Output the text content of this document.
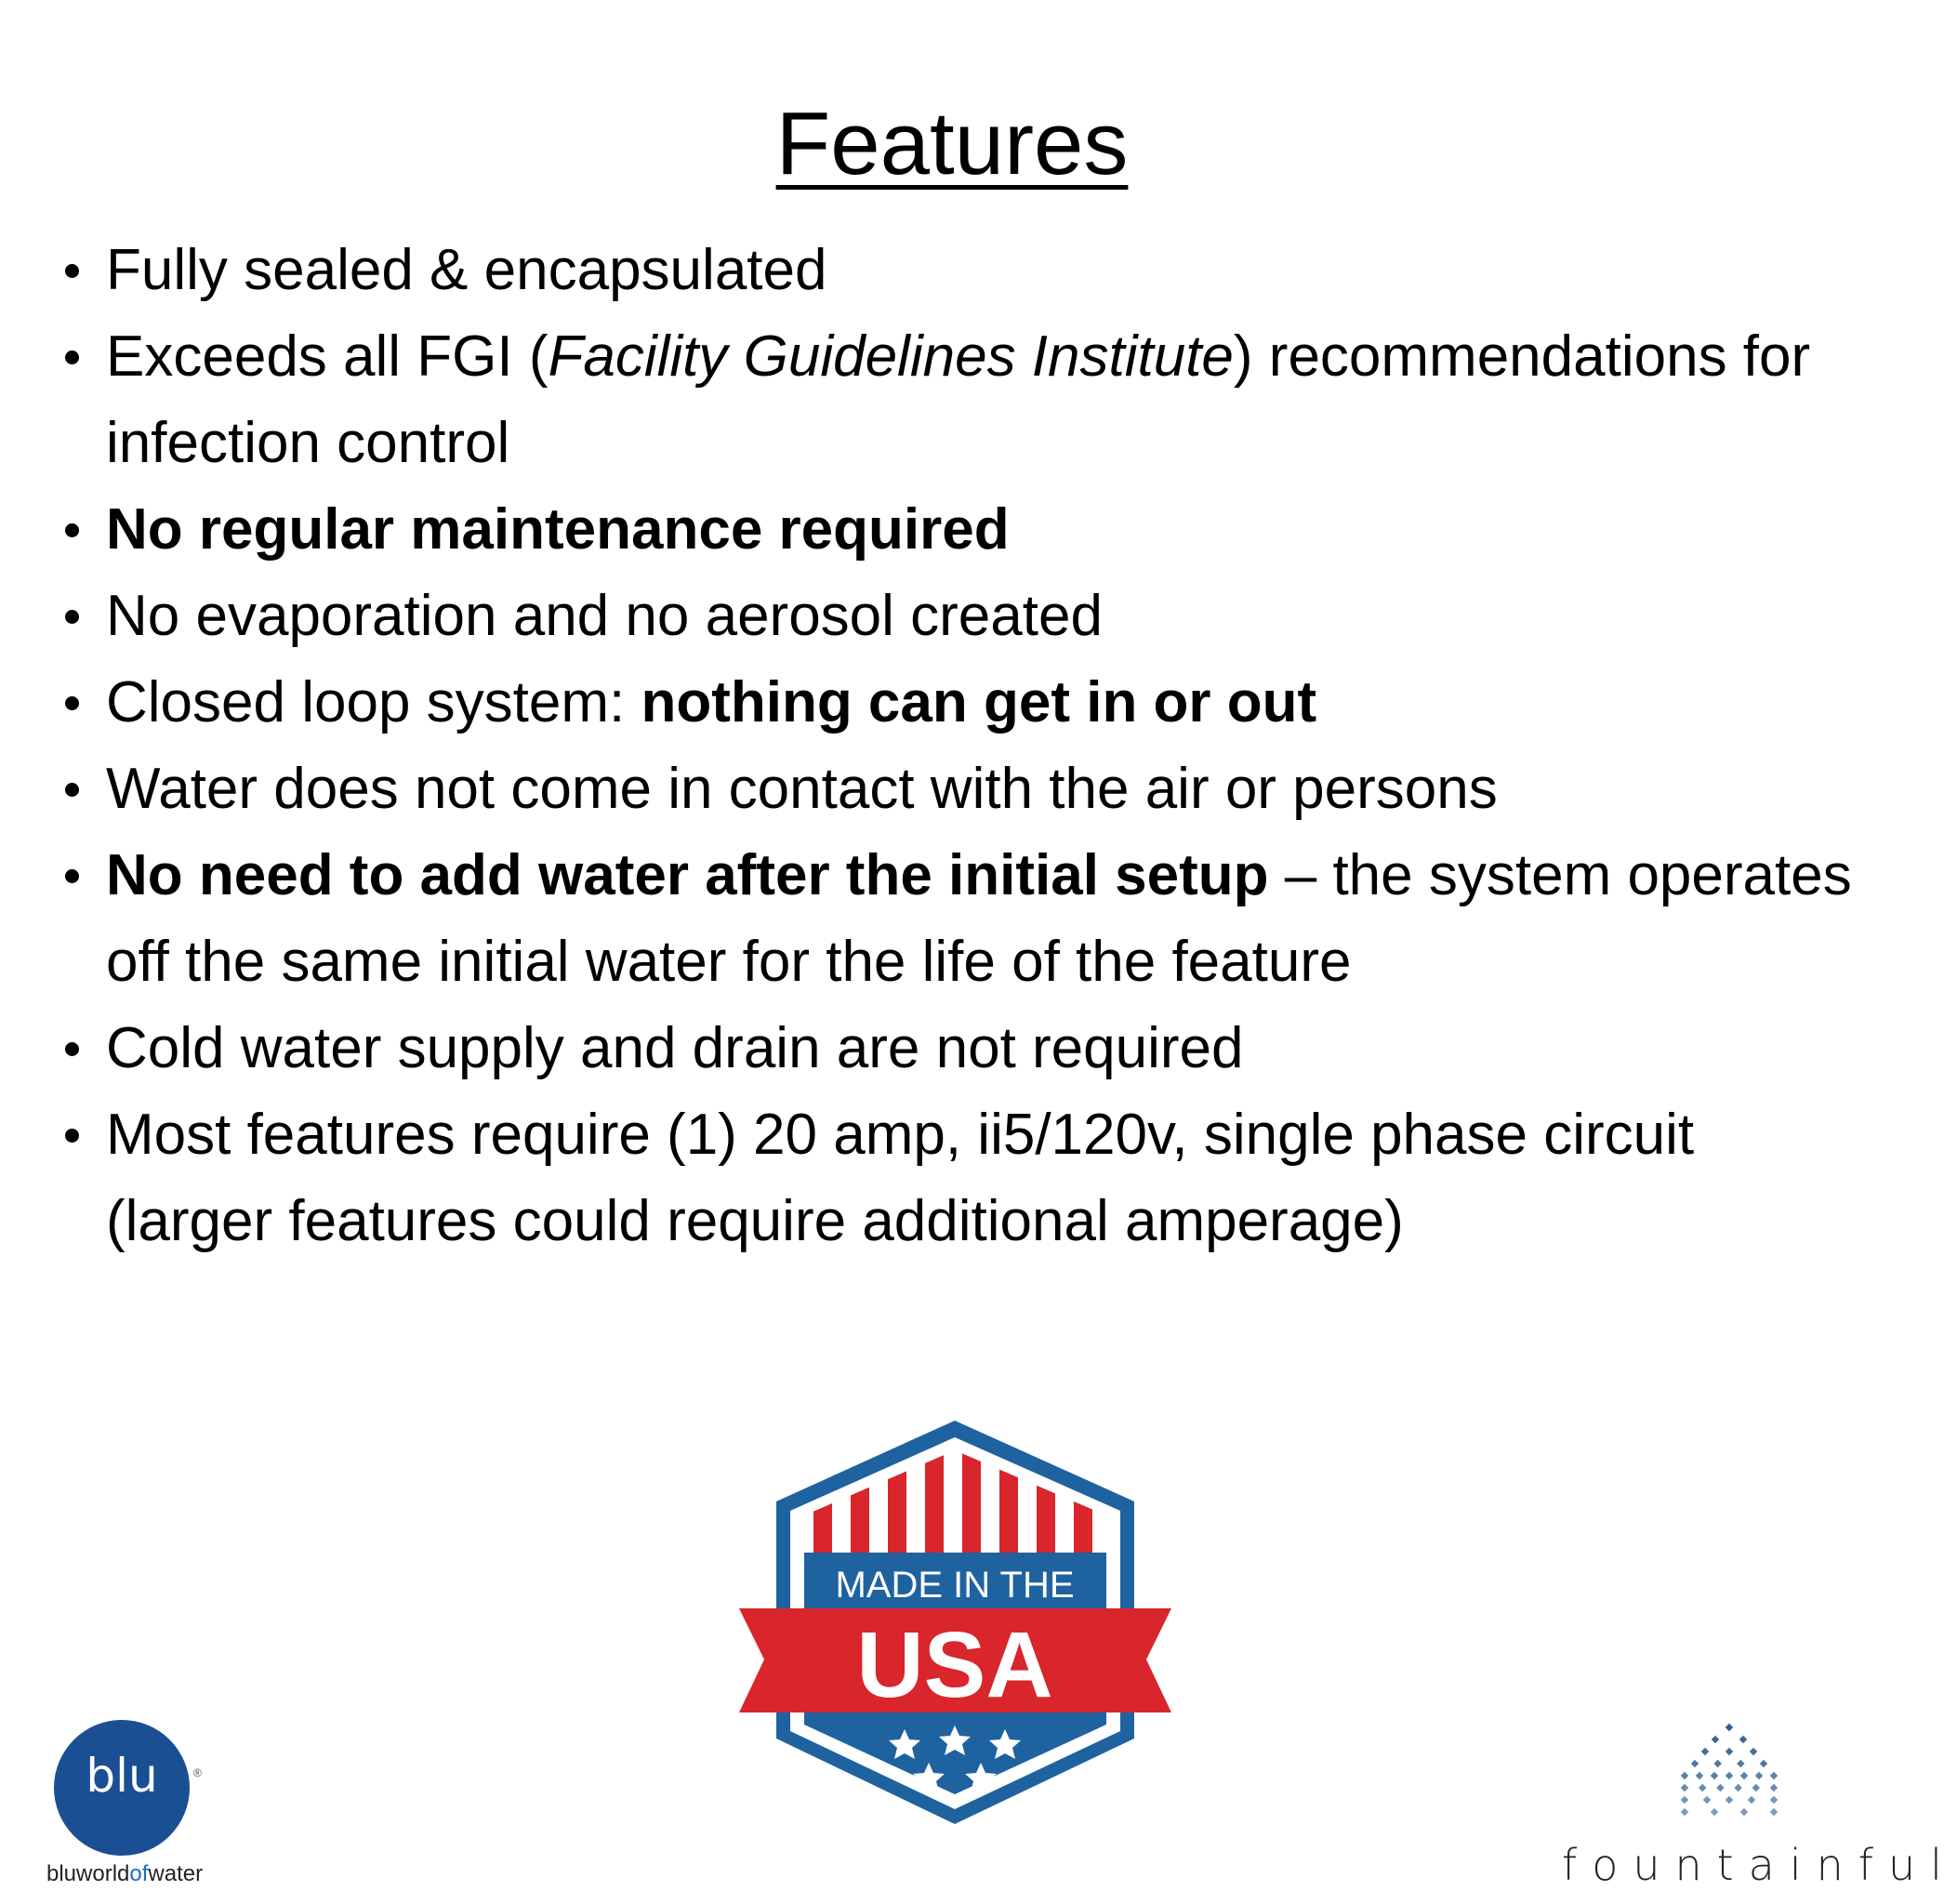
Features
Fully sealed & encapsulated
Exceeds all FGI (Facility Guidelines Institute) recommendations for infection control
No regular maintenance required
No evaporation and no aerosol created
Closed loop system: nothing can get in or out
Water does not come in contact with the air or persons
No need to add water after the initial setup – the system operates off the same initial water for the life of the feature
Cold water supply and drain are not required
Most features require (1) 20 amp, ii5/120v, single phase circuit (larger features could require additional amperage)
MADE IN THE
USA
blu	®
bluworldofwater	fountainful
